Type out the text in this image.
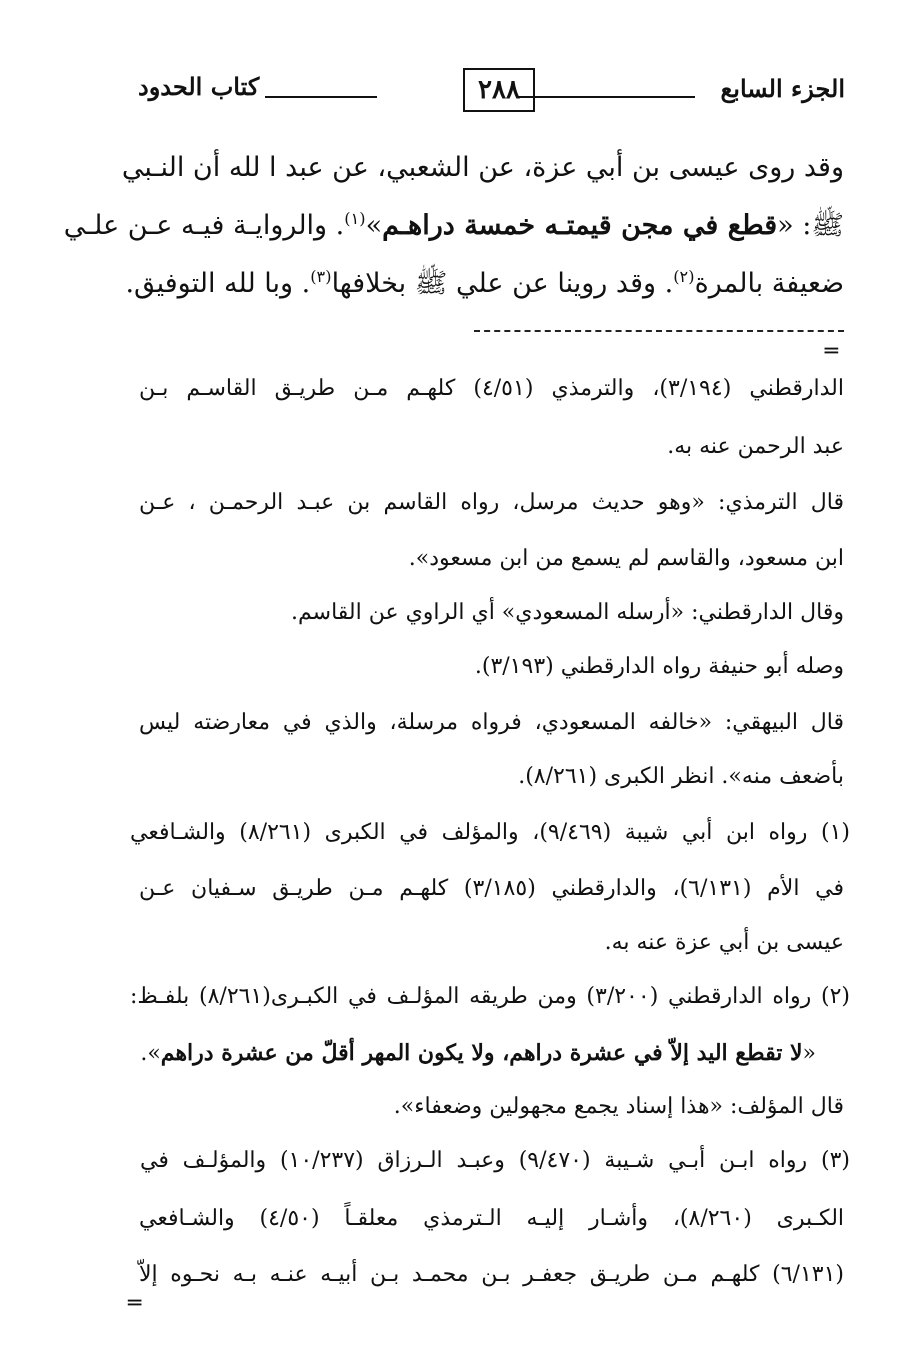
الجزء السابع
٢٨٨
كتاب الحدود
وقد روى عيسى بن أبي عزة، عن الشعبي، عن عبد ا لله أن النـبي
ﷺ: «قطع في مجن قيمتـه خمسة دراهـم»$^{(١)}$. والروايـة فيـه عـن علـي
ضعيفة بالمرة$^{(٢)}$. وقد روينا عن علي ﷺ بخلافها$^{(٣)}$. وبا لله التوفيق.
═
الدارقطني (٣/١٩٤)، والترمذي (٤/٥١) كلهـم مـن طريـق القاسـم بـن
عبد الرحمن عنه به.
قال الترمذي: «وهو حديث مرسل، رواه القاسم بن عبـد الرحمـن ، عـن
ابن مسعود، والقاسم لم يسمع من ابن مسعود».
وقال الدارقطني: «أرسله المسعودي» أي الراوي عن القاسم.
وصله أبو حنيفة رواه الدارقطني (٣/١٩٣).
قال البيهقي: «خالفه المسعودي، فرواه مرسلة، والذي في معارضته ليس
بأضعف منه». انظر الكبرى (٨/٢٦١).
(١) رواه ابن أبي شيبة (٩/٤٦٩)، والمؤلف في الكبرى (٨/٢٦١) والشـافعي
في الأم (٦/١٣١)، والدارقطني (٣/١٨٥) كلهـم مـن طريـق سـفيان عـن
عيسى بن أبي عزة عنه به.
(٢) رواه الدارقطني (٣/٢٠٠) ومن طريقه المؤلـف في الكبـرى(٨/٢٦١) بلفـظ:
«لا تقطع اليد إلاّ في عشرة دراهم، ولا يكون المهر أقلّ من عشرة دراهم».
قال المؤلف: «هذا إسناد يجمع مجهولين وضعفاء».
(٣) رواه ابـن أبـي شـيبة (٩/٤٧٠) وعبـد الـرزاق (١٠/٢٣٧) والمؤلـف في
الكـبرى (٨/٢٦٠)، وأشـار إليـه الـترمذي معلقـاً (٤/٥٠) والشـافعي
(٦/١٣١) كلهـم مـن طريـق جعفـر بـن محمـد بـن أبيـه عنـه بـه نحـوه إلاّ
═
